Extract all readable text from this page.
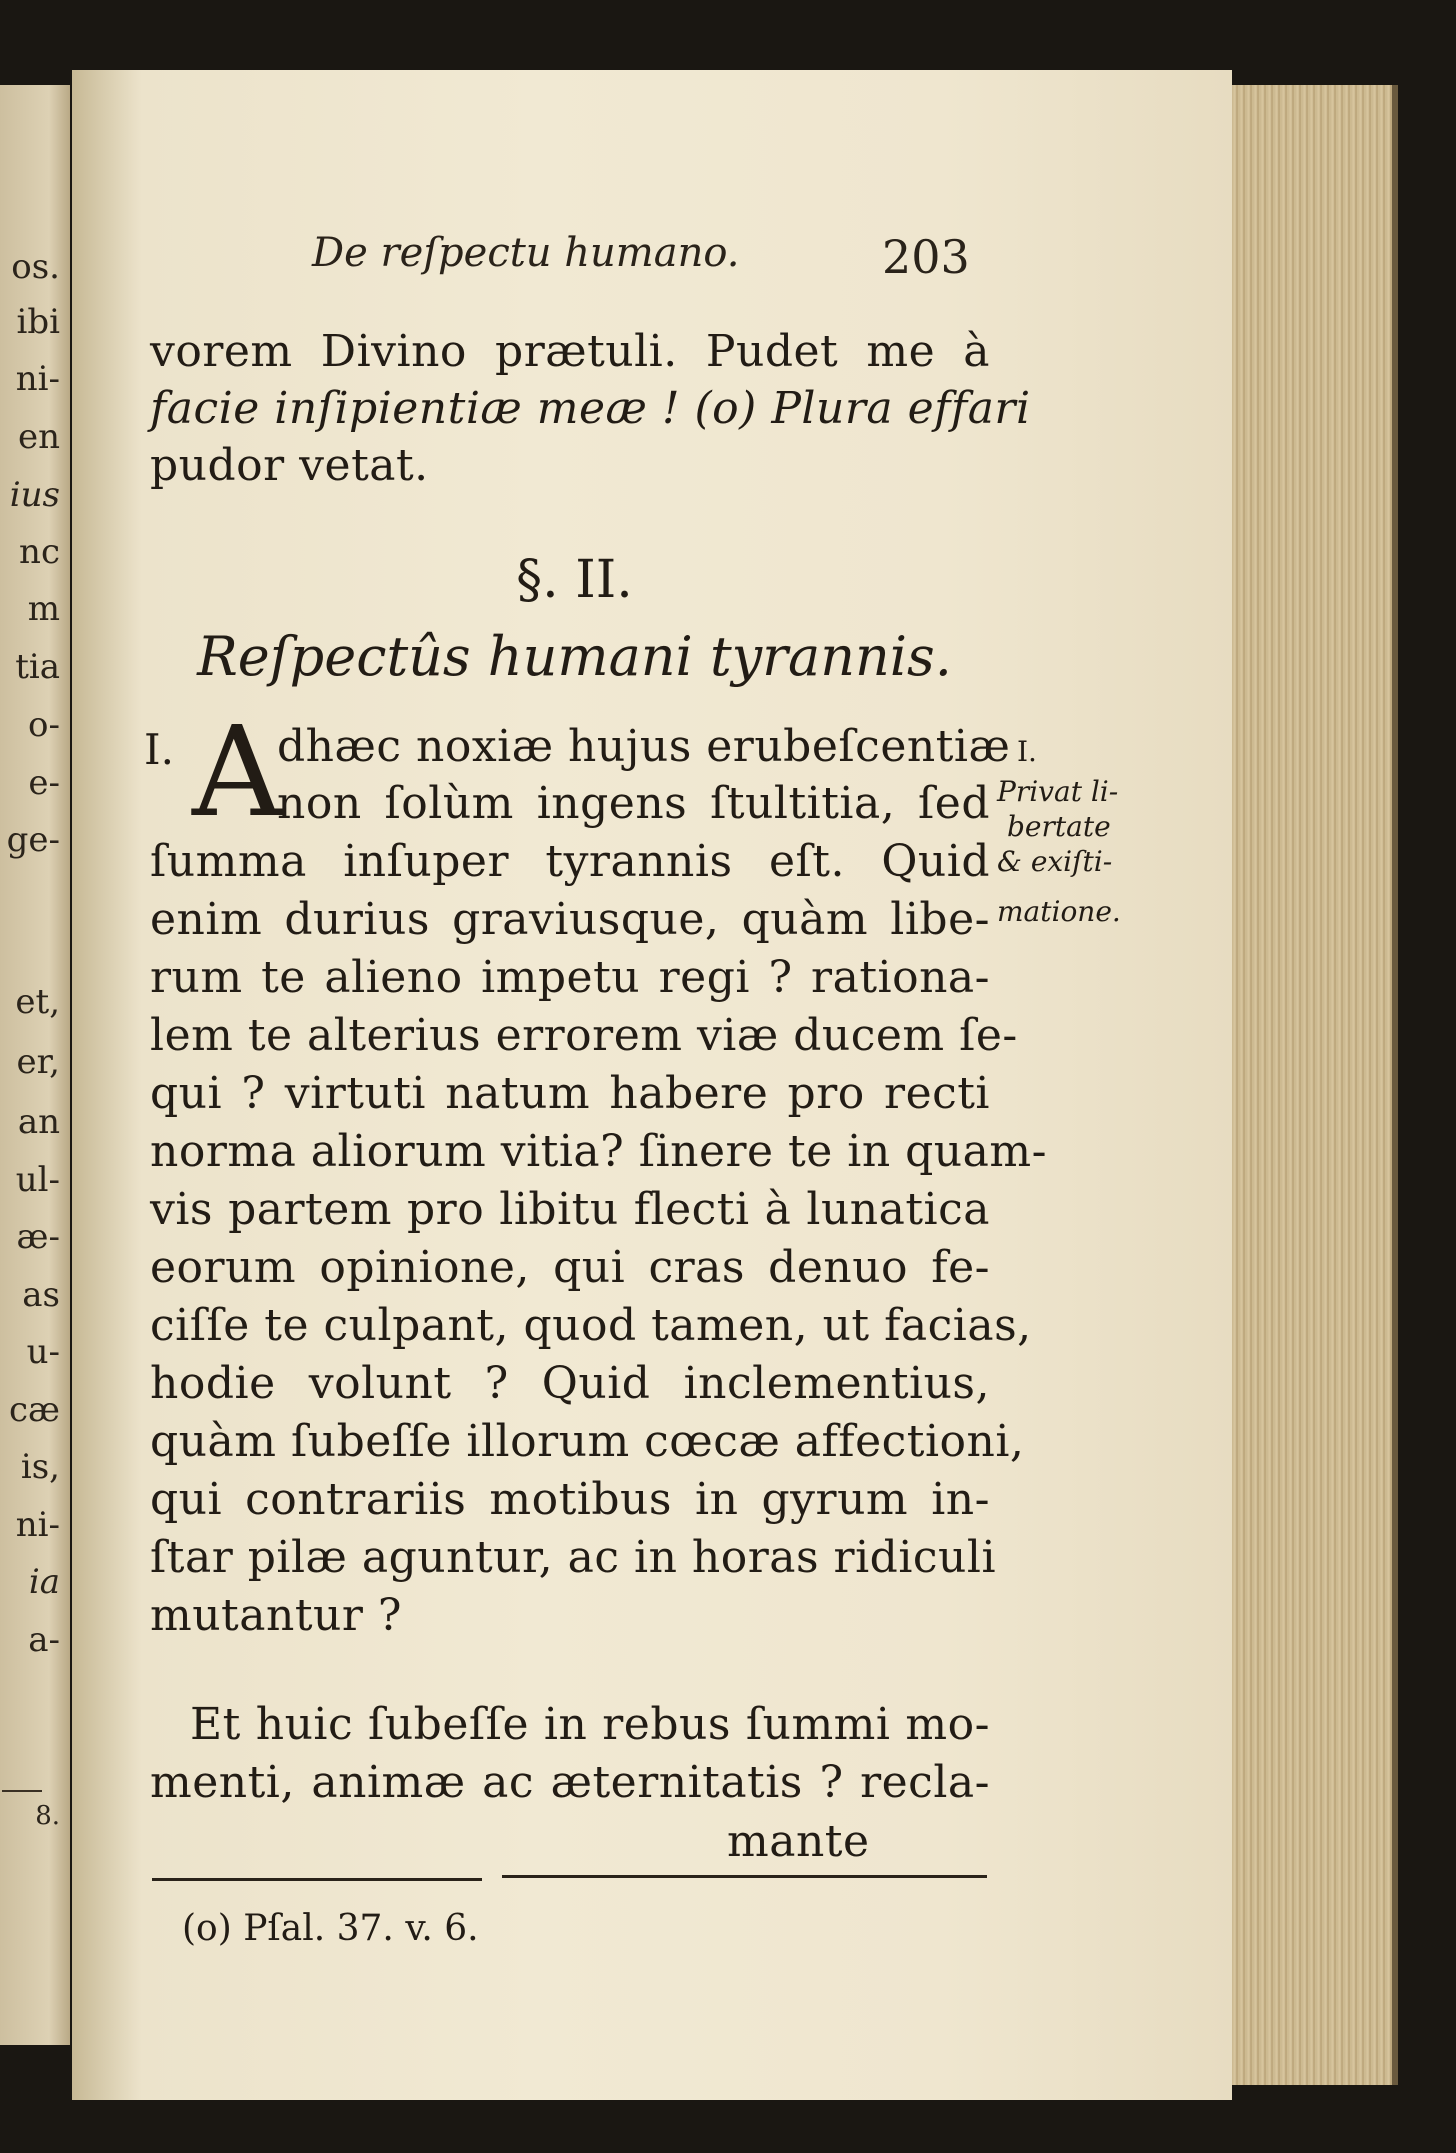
os.
ibi
ni-
en
ius
nc
m
tia
o-
e-
ge-
et,
er,
an
ul-
æ-
as
u-
cæ
is,
ni-
ia
a-
8.
De reſpectu humano.	203
vorem Divino prætuli. Pudet me à
facie inſipientiæ meæ ! (o) Plura effari
pudor vetat.
§. II.
Reſpectûs humani tyrannis.
I. A
dhæc noxiæ hujus erubeſcentiæ
non ſolùm ingens ſtultitia, ſed
ſumma inſuper tyrannis eſt. Quid
enim durius graviusque, quàm libe-
rum te alieno impetu regi ? rationa-
lem te alterius errorem viæ ducem ſe-
qui ? virtuti natum habere pro recti
norma aliorum vitia? ſinere te in quam-
vis partem pro libitu flecti à lunatica
eorum opinione, qui cras denuo fe-
ciſſe te culpant, quod tamen, ut facias,
hodie volunt ? Quid inclementius,
quàm ſubeſſe illorum cœcæ affectioni,
qui contrariis motibus in gyrum in-
ſtar pilæ aguntur, ac in horas ridiculi
mutantur ?
Et huic ſubeſſe in rebus ſummi mo-
menti, animæ ac æternitatis ? recla-
mante
I.
Privat li-
bertate
& exiſti-
matione.
(o) Pſal. 37. v. 6.
